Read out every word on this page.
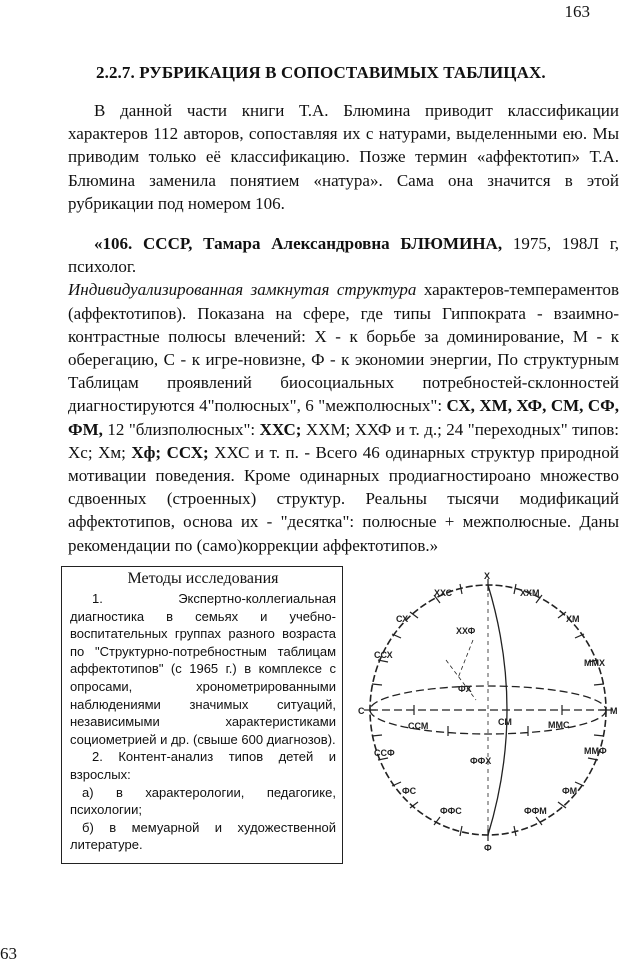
163
2.2.7. РУБРИКАЦИЯ В СОПОСТАВИМЫХ ТАБЛИЦАХ.

В данной части книги Т.А. Блюмина приводит классификации характеров 112 авторов, сопоставляя их с натурами, выделенными ею. Мы приводим только её классификацию. Позже термин «аффектотип» Т.А. Блюмина заменила понятием «натура». Сама она значится в этой рубрикации под номером 106.

«106. СССР, Тамара Александровна БЛЮМИНА, 1975, 198Л г, психолог.
Индивидуализированная замкнутая структура характеров-темпераментов (аффектотипов). Показана на сфере, где типы Гиппократа - взаимно-контрастные полюсы влечений: X - к борьбе за доминирование, М - к оберегацию, С - к игре-новизне, Ф - к экономии энергии, По структурным Таблицам проявлений биосоциальных потребностей-склонностей диагностируются 4"полюсных", 6 "межполюсных": СХ, ХМ, ХФ, СМ, СФ, ФМ, 12 "близполюсных": ХХС; ХХМ; ХХФ и т. д.; 24 "переходных" типов: Хс; Хм; Хф; ССХ; ХХС и т. п. - Всего 46 одинарных структур природной мотивации поведения. Кроме одинарных продиагностироано множество сдвоенных (строенных) структур. Реальны тысячи модификаций аффектотипов, основа их - "десятка": полюсные + межполюсные. Даны рекомендации по (само)коррекции аффектотипов.»

Методы исследования

1. Экспертно-коллегиальная диагностика в семьях и учебно-воспитательных группах разного возраста по "Структурно-потребностным таблицам аффектотипов" (с 1965 г.) в комплексе с опросами, хронометрированными наблюдениями значимых ситуаций, независимыми характеристиками социометрией и др. (свыше 600 диагнозов).

2. Контент-анализ типов детей и взрослых:

а) в характерологии, педагогике, психологии;

б) в мемуарной и художественной литературе.

Х
ХХС	ХХМ
СХ	ХМ
ХХФ
ССХ
ММХ
ФХ
С	М
ССМ	СМ	ММС
ССФ
ФФХ
ММФ
ФС	ФМ
ФФС	ФФМ
Ф
63
